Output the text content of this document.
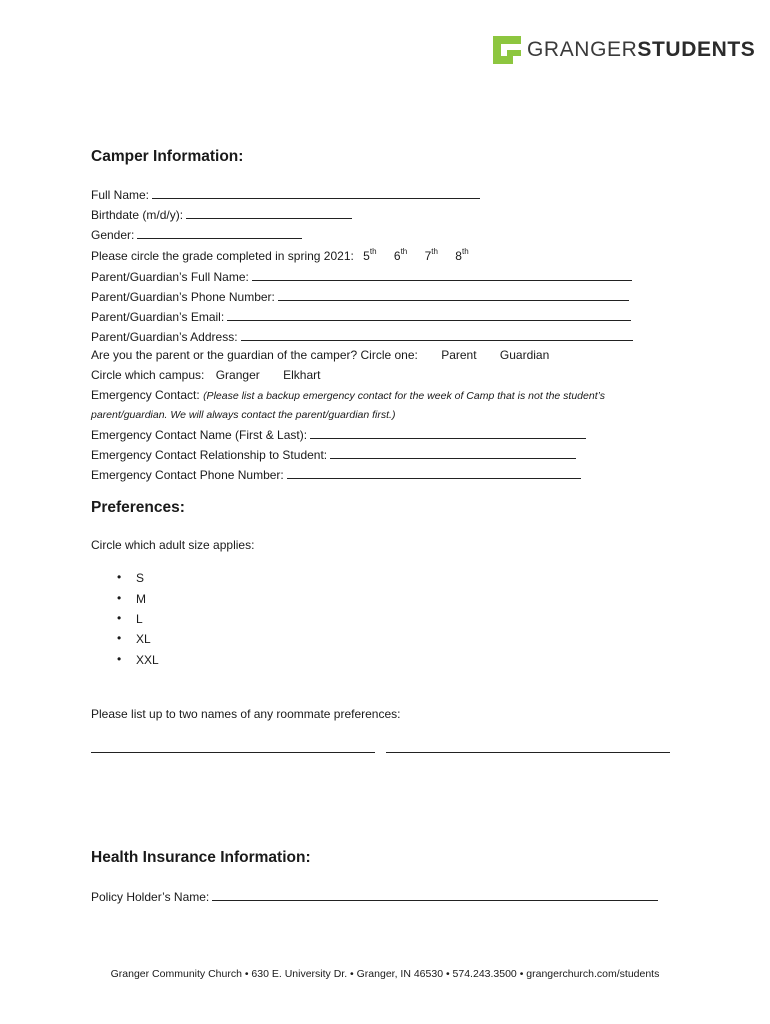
GRANGERSTUDENTS
Camper Information:
Full Name:
Birthdate (m/d/y):
Gender:
Please circle the grade completed in spring 2021: 5th 6th 7th 8th
Parent/Guardian’s Full Name:
Parent/Guardian’s Phone Number:
Parent/Guardian’s Email:
Parent/Guardian’s Address:
Are you the parent or the guardian of the camper? Circle one: Parent Guardian
Circle which campus: Granger Elkhart
Emergency Contact: (Please list a backup emergency contact for the week of Camp that is not the student’s
parent/guardian. We will always contact the parent/guardian first.)
Emergency Contact Name (First & Last):
Emergency Contact Relationship to Student:
Emergency Contact Phone Number:
Preferences:
Circle which adult size applies:
• S
• M
• L
• XL
• XXL
Please list up to two names of any roommate preferences:
Health Insurance Information:
Policy Holder’s Name:
Granger Community Church • 630 E. University Dr. • Granger, IN 46530 • 574.243.3500 • grangerchurch.com/students
